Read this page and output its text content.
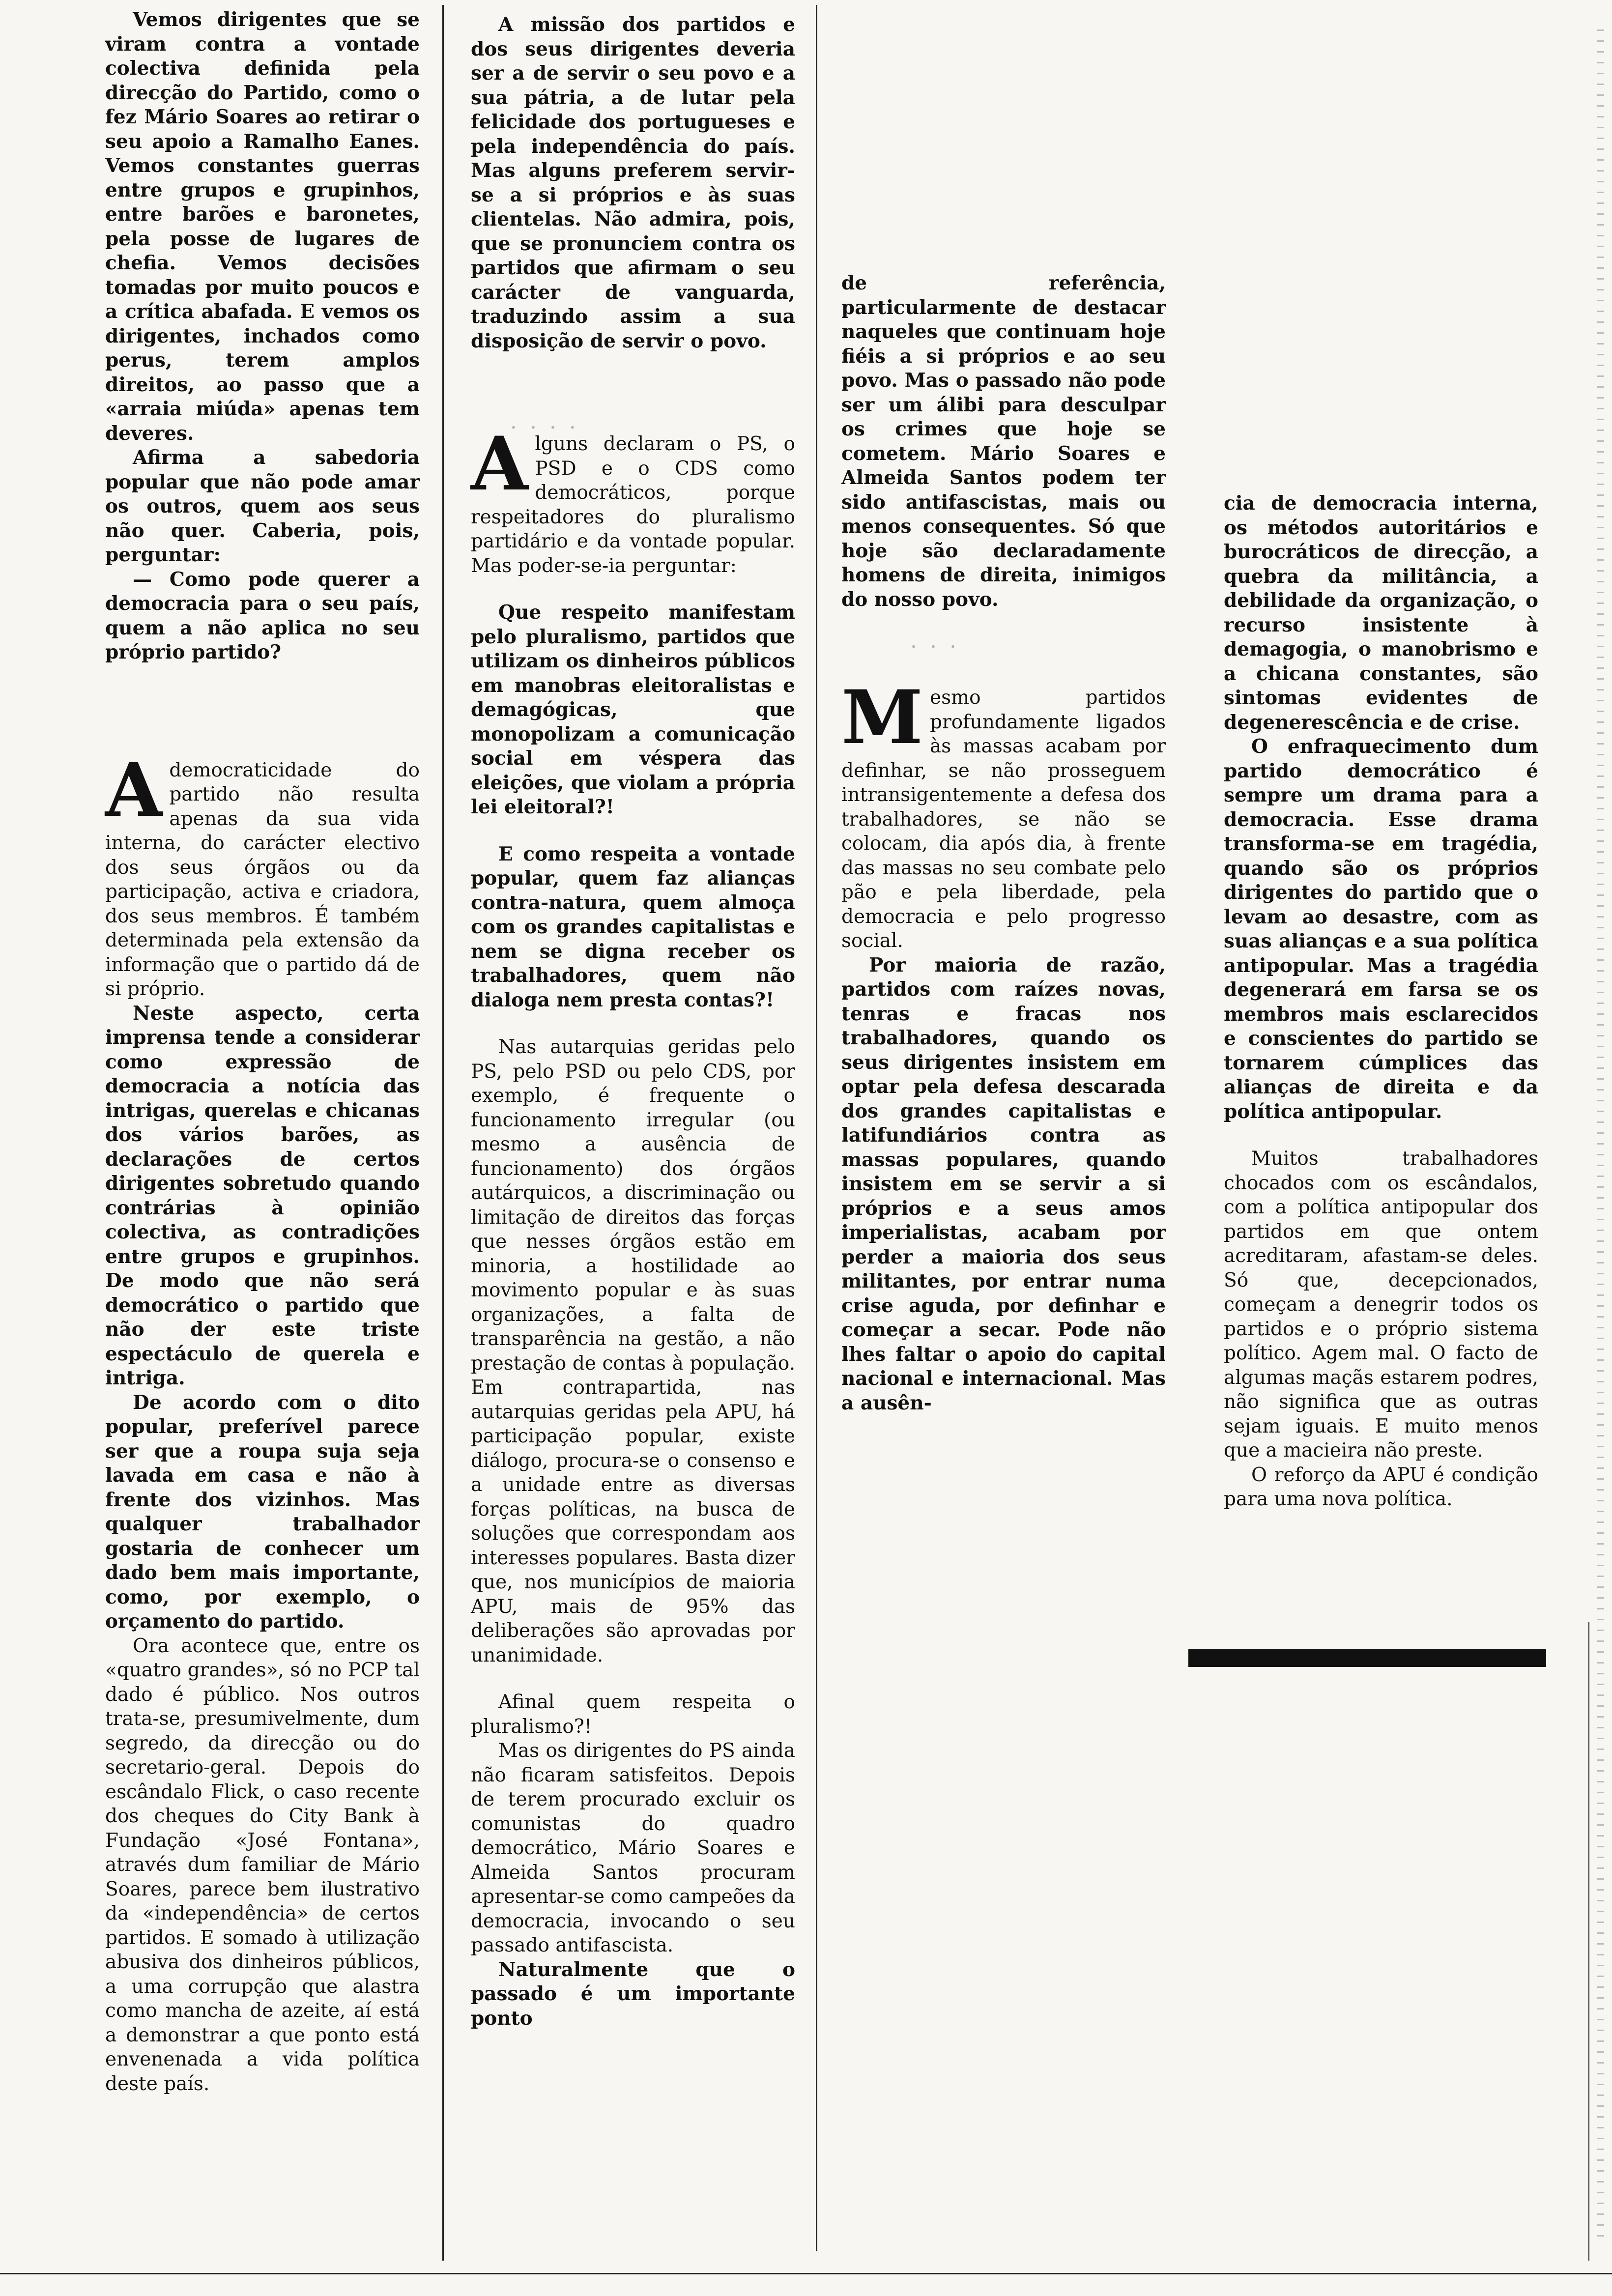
Vemos dirigentes que se viram contra a vontade colectiva definida pela direcção do Partido, como o fez Mário Soares ao retirar o seu apoio a Ramalho Eanes. Vemos constantes guerras entre grupos e grupinhos, entre barões e baronetes, pela posse de lugares de chefia. Vemos decisões tomadas por muito poucos e a crítica abafada. E vemos os dirigentes, inchados como perus, terem amplos direitos, ao passo que a «arraia miúda» apenas tem deveres.

Afirma a sabedoria popular que não pode amar os outros, quem aos seus não quer. Caberia, pois, perguntar:

— Como pode querer a democracia para o seu país, quem a não aplica no seu próprio partido?

A democraticidade do partido não resulta apenas da sua vida interna, do carácter electivo dos seus órgãos ou da participação, activa e criadora, dos seus membros. É também determinada pela extensão da informação que o partido dá de si próprio.

Neste aspecto, certa imprensa tende a considerar como expressão de democracia a notícia das intrigas, querelas e chicanas dos vários barões, as declarações de certos dirigentes sobretudo quando contrárias à opinião colectiva, as contradições entre grupos e grupinhos. De modo que não será democrático o partido que não der este triste espectáculo de querela e intriga.

De acordo com o dito popular, preferível parece ser que a roupa suja seja lavada em casa e não à frente dos vizinhos. Mas qualquer trabalhador gostaria de conhecer um dado bem mais importante, como, por exemplo, o orçamento do partido.

Ora acontece que, entre os «quatro grandes», só no PCP tal dado é público. Nos outros trata-se, presumivelmente, dum segredo, da direcção ou do secretario-geral. Depois do escândalo Flick, o caso recente dos cheques do City Bank à Fundação «José Fontana», através dum familiar de Mário Soares, parece bem ilustrativo da «independência» de certos partidos. E somado à utilização abusiva dos dinheiros públicos, a uma corrupção que alastra como mancha de azeite, aí está a demonstrar a que ponto está envenenada a vida política deste país.

A missão dos partidos e dos seus dirigentes deveria ser a de servir o seu povo e a sua pátria, a de lutar pela felicidade dos portugueses e pela independência do país. Mas alguns preferem servir-se a si próprios e às suas clientelas. Não admira, pois, que se pronunciem contra os partidos que afirmam o seu carácter de vanguarda, traduzindo assim a sua disposição de servir o povo.

· · · ·

A lguns declaram o PS, o PSD e o CDS como democráticos, porque respeitadores do pluralismo partidário e da vontade popular. Mas poder-se-ia perguntar:

Que respeito manifestam pelo pluralismo, partidos que utilizam os dinheiros públicos em manobras eleitoralistas e demagógicas, que monopolizam a comunicação social em véspera das eleições, que violam a própria lei eleitoral?!

E como respeita a vontade popular, quem faz alianças contra-natura, quem almoça com os grandes capitalistas e nem se digna receber os trabalhadores, quem não dialoga nem presta contas?!

Nas autarquias geridas pelo PS, pelo PSD ou pelo CDS, por exemplo, é frequente o funcionamento irregular (ou mesmo a ausência de funcionamento) dos órgãos autárquicos, a discriminação ou limitação de direitos das forças que nesses órgãos estão em minoria, a hostilidade ao movimento popular e às suas organizações, a falta de transparência na gestão, a não prestação de contas à população. Em contrapartida, nas autarquias geridas pela APU, há participação popular, existe diálogo, procura-se o consenso e a unidade entre as diversas forças políticas, na busca de soluções que correspondam aos interesses populares. Basta dizer que, nos municípios de maioria APU, mais de 95% das deliberações são aprovadas por unanimidade.

Afinal quem respeita o pluralismo?!

Mas os dirigentes do PS ainda não ficaram satisfeitos. Depois de terem procurado excluir os comunistas do quadro democrático, Mário Soares e Almeida Santos procuram apresentar-se como campeões da democracia, invocando o seu passado antifascista.

Naturalmente que o passado é um importante ponto

de referência, particularmente de destacar naqueles que continuam hoje fiéis a si próprios e ao seu povo. Mas o passado não pode ser um álibi para desculpar os crimes que hoje se cometem. Mário Soares e Almeida Santos podem ter sido antifascistas, mais ou menos consequentes. Só que hoje são declaradamente homens de direita, inimigos do nosso povo.

· · ·

M esmo partidos profundamente ligados às massas acabam por definhar, se não prosseguem intransigentemente a defesa dos trabalhadores, se não se colocam, dia após dia, à frente das massas no seu combate pelo pão e pela liberdade, pela democracia e pelo progresso social.

Por maioria de razão, partidos com raízes novas, tenras e fracas nos trabalhadores, quando os seus dirigentes insistem em optar pela defesa descarada dos grandes capitalistas e latifundiários contra as massas populares, quando insistem em se servir a si próprios e a seus amos imperialistas, acabam por perder a maioria dos seus militantes, por entrar numa crise aguda, por definhar e começar a secar. Pode não lhes faltar o apoio do capital nacional e internacional. Mas a ausên-

cia de democracia interna, os métodos autoritários e burocráticos de direcção, a quebra da militância, a debilidade da organização, o recurso insistente à demagogia, o manobrismo e a chicana constantes, são sintomas evidentes de degenerescência e de crise.

O enfraquecimento dum partido democrático é sempre um drama para a democracia. Esse drama transforma-se em tragédia, quando são os próprios dirigentes do partido que o levam ao desastre, com as suas alianças e a sua política antipopular. Mas a tragédia degenerará em farsa se os membros mais esclarecidos e conscientes do partido se tornarem cúmplices das alianças de direita e da política antipopular.

Muitos trabalhadores chocados com os escândalos, com a política antipopular dos partidos em que ontem acreditaram, afastam-se deles. Só que, decepcionados, começam a denegrir todos os partidos e o próprio sistema político. Agem mal. O facto de algumas maçãs estarem podres, não significa que as outras sejam iguais. E muito menos que a macieira não preste.

O reforço da APU é condição para uma nova política.
